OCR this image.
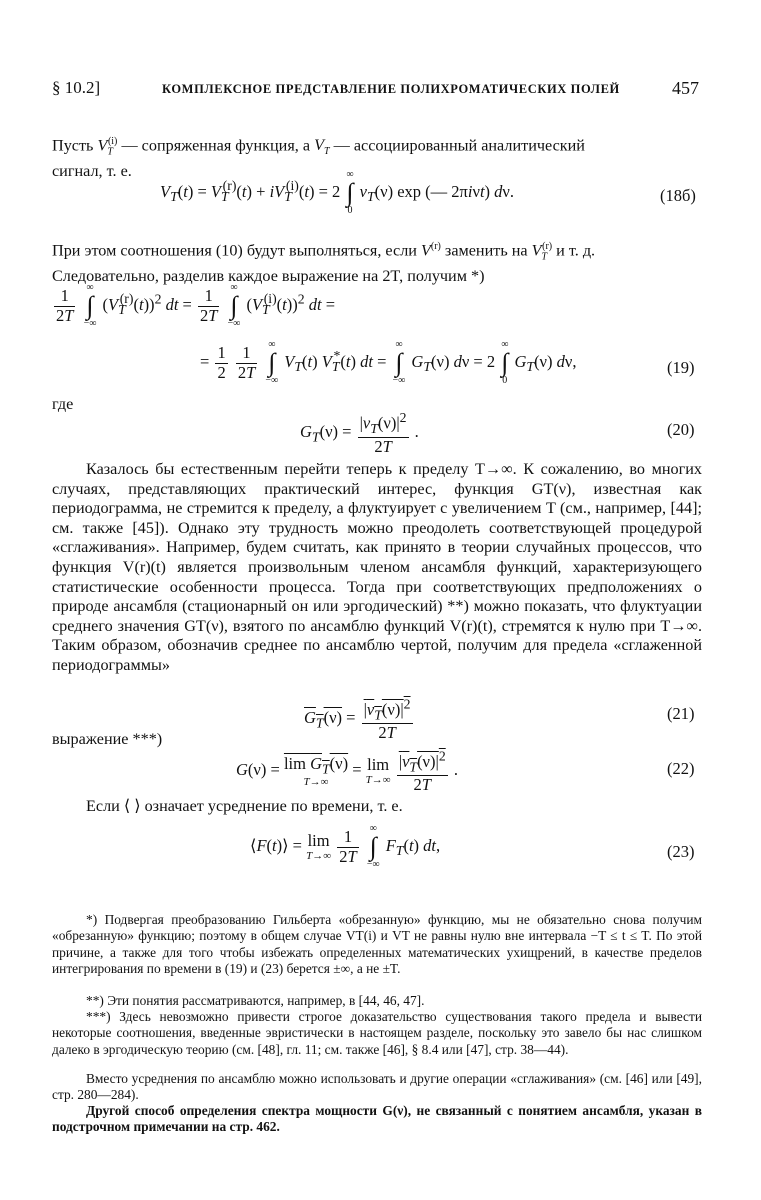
§ 10.2]	КОМПЛЕКСНОЕ ПРЕДСТАВЛЕНИЕ ПОЛИХРОМАТИЧЕСКИХ ПОЛЕЙ	457
Пусть $V_T^{(i)}$ — сопряженная функция, а $V_T$ — ассоциированный аналитический
сигнал, т. е.
$V_T(t) = V_T^{(r)}(t) + iV_T^{(i)}(t) = 2$
∞
∫
0
$v_T(\nu)$ exp (— 2πiνt) dν.	(18б)
При этом соотношения (10) будут выполняться, если $V^{(r)}$ заменить на $V_T^{(r)}$ и т. д.
Следовательно, разделив каждое выражение на 2T, получим *)
$\frac{1}{2T}$
∞
∫
−∞
$(V_T^{(r)}(t))^2$ dt = $\frac{1}{2T}$
∞
∫
−∞
$(V_T^{(i)}(t))^2$ dt =
= $\frac{1}{2}$
$\frac{1}{2T}$
∞
∫
−∞
$V_T(t)$ $V_T^*(t)$ dt =
∞
∫
−∞
$G_T(\nu) d\nu = 2$
∞
∫
0
$G_T(\nu)$ dν,	(19)
где
$G_T(\nu) = \frac{|v_T(\nu)|^2}{2T}$ .	(20)
Казалось бы естественным перейти теперь к пределу T→∞. К сожалению, во многих случаях, представляющих практический интерес, функция GT(ν), известная как периодограмма, не стремится к пределу, а флуктуирует с увеличением T (см., например, [44]; см. также [45]). Однако эту трудность можно преодолеть соответствующей процедурой «сглаживания». Например, будем считать, как принято в теории случайных процессов, что функция V(r)(t) является произвольным членом ансамбля функций, характеризующего статистические особенности процесса. Тогда при соответствующих предположениях о природе ансамбля (стационарный он или эргодический) **) можно показать, что флуктуации среднего значения GT(ν), взятого по ансамблю функций V(r)(t), стремятся к нулю при T→∞. Таким образом, обозначив среднее по ансамблю чертой, получим для предела «сглаженной периодограммы»
$G_T(\nu) = \frac{|v_T(\nu)|^2}{2T}$	(21)
выражение ***)
$G(\nu) = \lim G_T(\nu)$
T→∞
= lim
T→∞
$\frac{|v_T(\nu)|^2}{2T}$ .	(22)
Если ⟨ ⟩ означает усреднение по времени, т. е.
⟨F(t)⟩ = lim
T→∞
$\frac{1}{2T}$
∞
∫
−∞
$F_T(t)$ dt,	(23)
*) Подвергая преобразованию Гильберта «обрезанную» функцию, мы не обязательно снова получим «обрезанную» функцию; поэтому в общем случае VT(i) и VT не равны нулю вне интервала −T ≤ t ≤ T. По этой причине, а также для того чтобы избежать определенных математических ухищрений, в качестве пределов интегрирования по времени в (19) и (23) берется ±∞, а не ±T.
**) Эти понятия рассматриваются, например, в [44, 46, 47].
***) Здесь невозможно привести строгое доказательство существования такого предела и вывести некоторые соотношения, введенные эвристически в настоящем разделе, поскольку это завело бы нас слишком далеко в эргодическую теорию (см. [48], гл. 11; см. также [46], § 8.4 или [47], стр. 38—44).
Вместо усреднения по ансамблю можно использовать и другие операции «сглаживания» (см. [46] или [49], стр. 280—284).
Другой способ определения спектра мощности G(ν), не связанный с понятием ансамбля, указан в подстрочном примечании на стр. 462.
